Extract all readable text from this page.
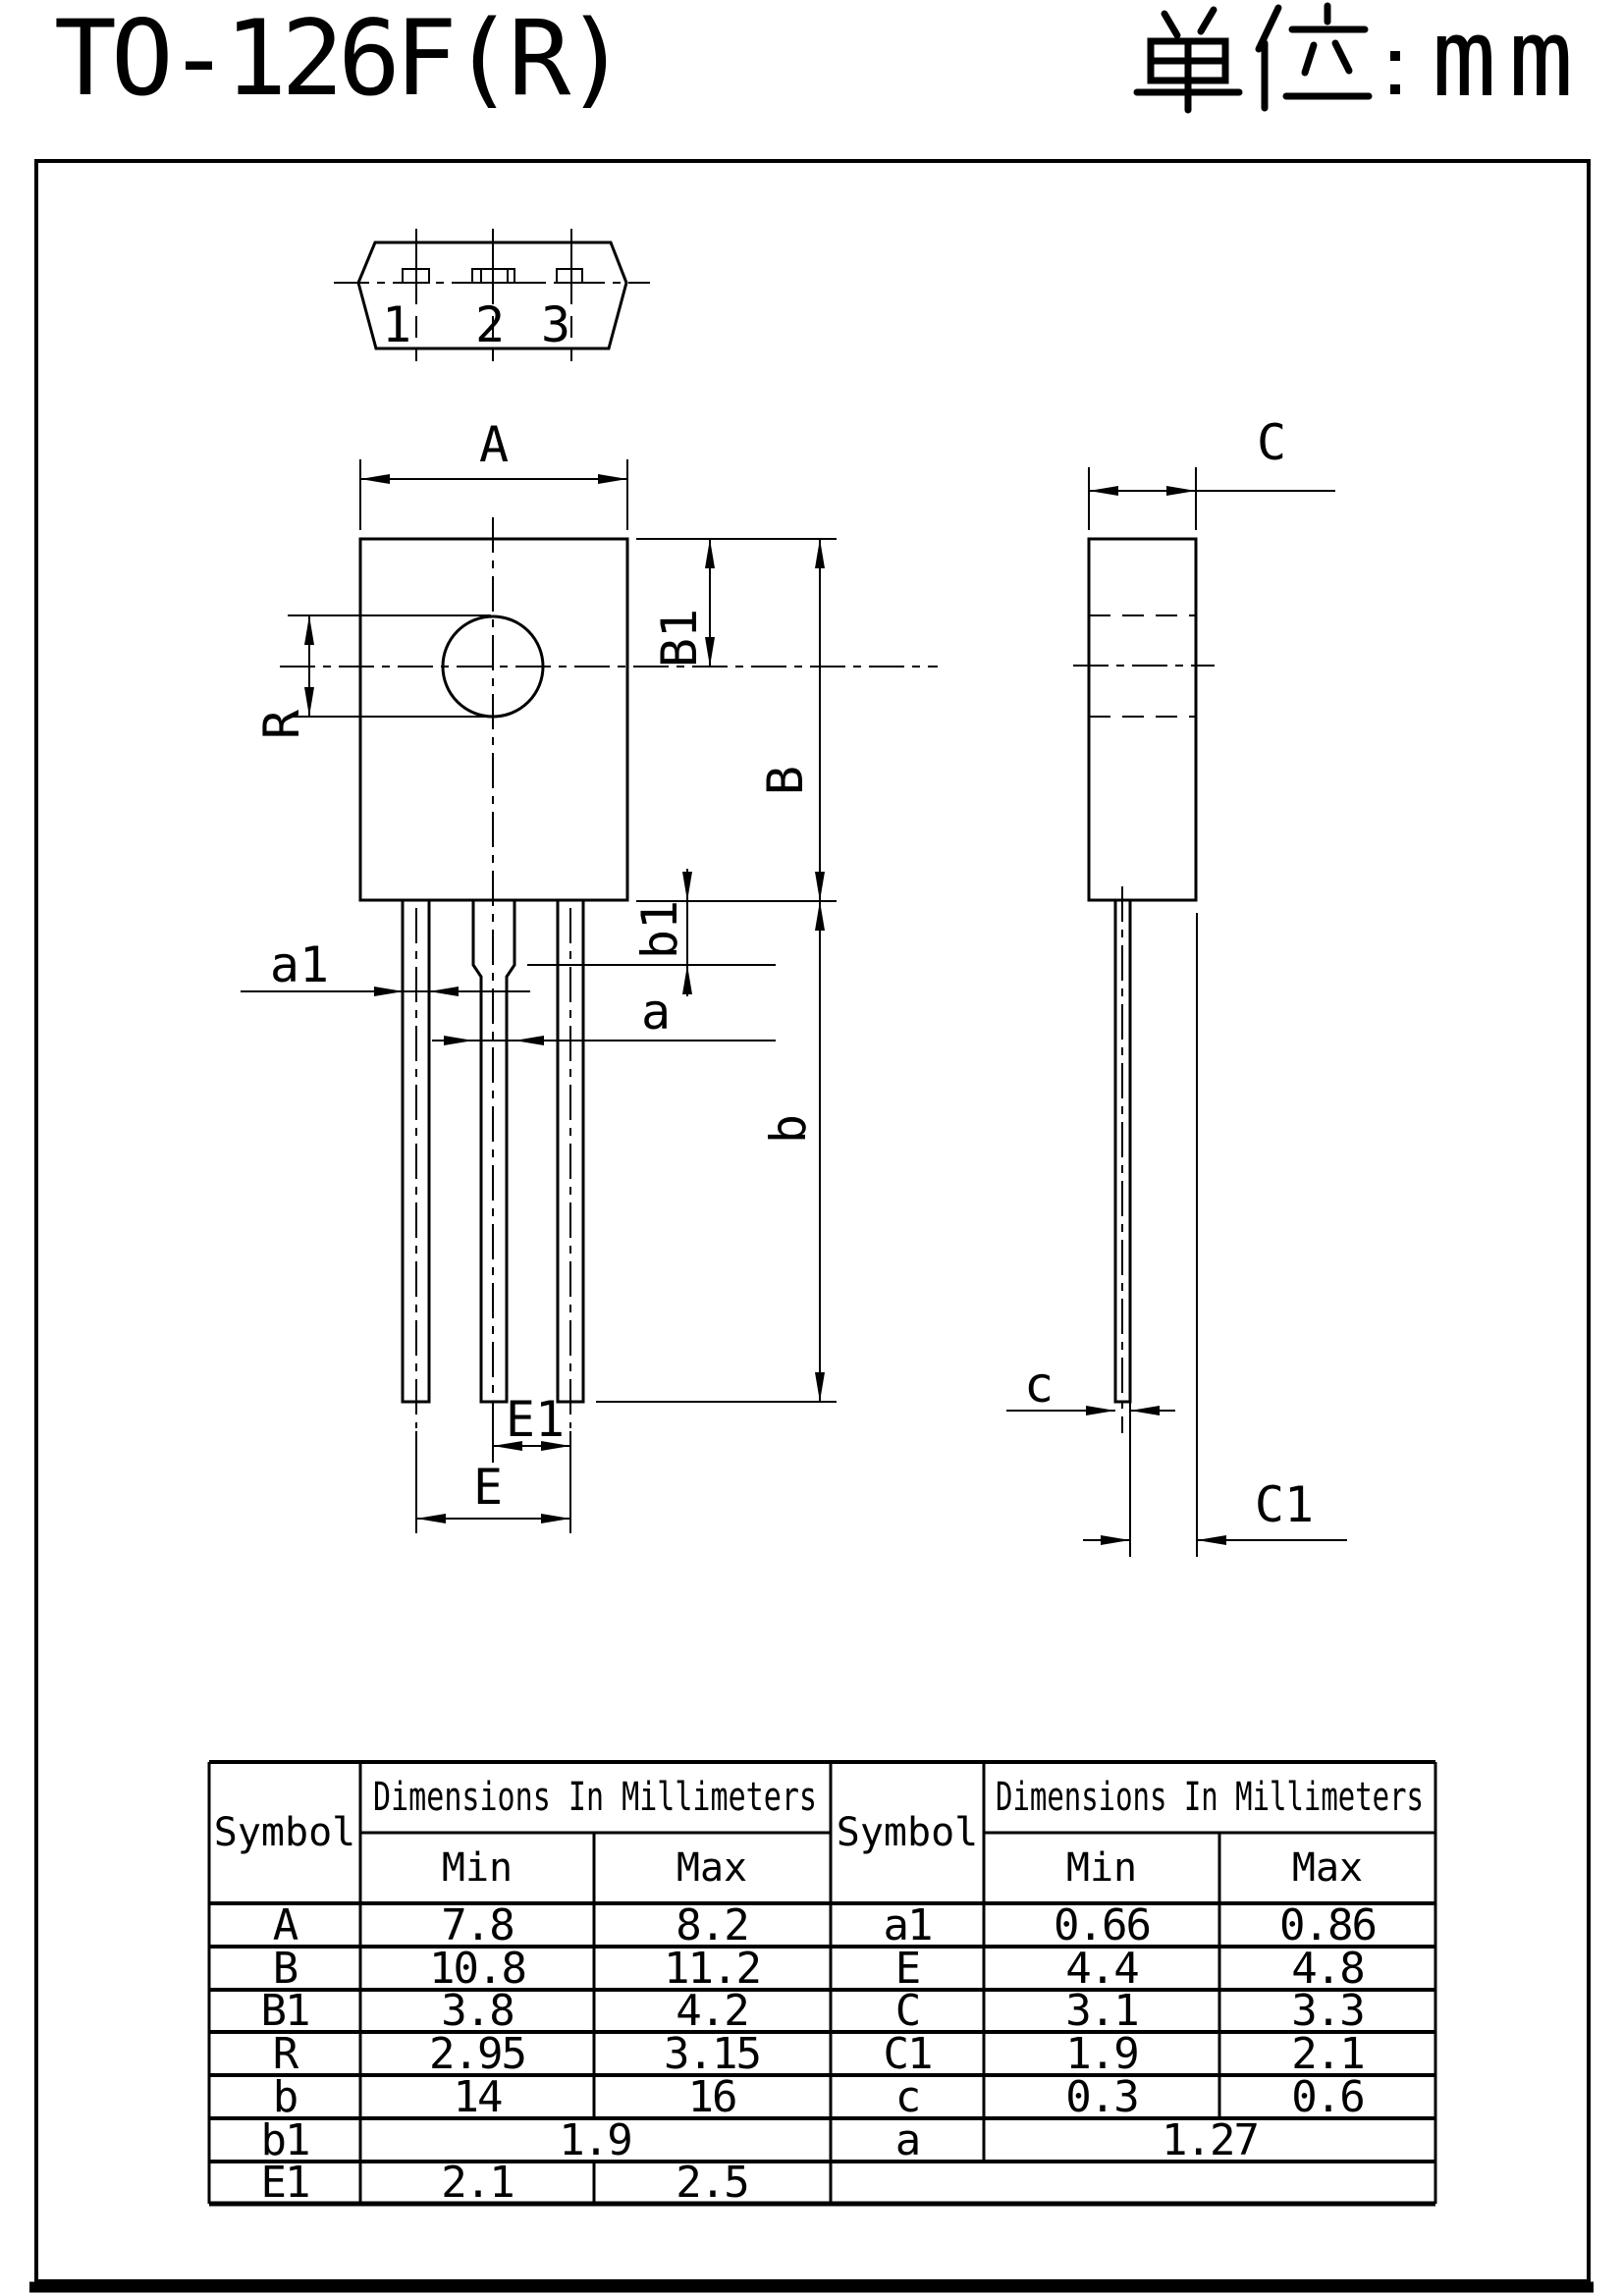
TO-126F(R)	mm
1 2 3
A
B1
B
b
R
a1
b1
a
E1
E
C
c
C1
Symbol
Dimensions In Millimeters
Min	Max
Symbol
Dimensions In Millimeters
Min	Max
A	7.8	8.2
B	10.8	11.2
B1	3.8	4.2
R	2.95	3.15
b	14	16
b1	1.9
E1	2.1	2.5
a1	0.66	0.86
E	4.4	4.8
C	3.1	3.3
C1	1.9	2.1
c	0.3	0.6
a	1.27
